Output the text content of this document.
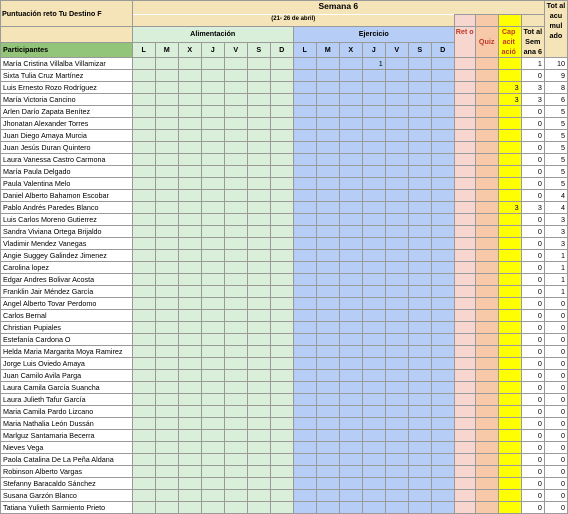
Puntuación reto Tu Destino F	Semana 6																		Tot al acu mul ado

	(21- 26 de abril)																		

	Alimentación							Ejercicio							Ret o	Quiz	Cap acit ació	Tot al Sem ana 6	
Participantes	L	M	X	J	V	S	D	L	M	X	J	V	S	D					
María Cristina Villalba Villamizar											1							1	10
Sixta Tulia Cruz Martínez																		0	9
Luis Ernesto Rozo Rodríguez																	3	3	8
María Victoria Cancino																	3	3	6
Arlen Darío Zapata Benítez																		0	5
Jhonatan Alexander Torres																		0	5
Juan Diego Amaya Murcia																		0	5
Juan Jesús Duran Quintero																		0	5
Laura Vanessa Castro Carmona																		0	5
María Paula Delgado																		0	5
Paula Valentina Melo																		0	5
Daniel Alberto Bahamon Escobar																		0	4
Pablo Andrés Paredes Blanco																	3	3	4
Luis Carlos Moreno Gutierrez																		0	3
Sandra Viviana Ortega Brijaldo																		0	3
Vladimir Mendez Vanegas																		0	3
Angie Suggey Galindez Jimenez																		0	1
Carolina lopez																		0	1
Edgar Andres Bolivar Acosta																		0	1
Franklin Jair Méndez García																		0	1
Angel Alberto Tovar Perdomo																		0	0
Carlos Bernal																		0	0
Christian Pupiales																		0	0
Estefanía Cardona O																		0	0
Helda Maria Margarita Moya Ramirez																		0	0
Jorge Luis Oviedo Amaya																		0	0
Juan Camilo Avila Parga																		0	0
Laura Camila García Suancha																		0	0
Laura Julieth Tafur García																		0	0
Maria Camila Pardo Lizcano																		0	0
Maria Nathalia León Dussán																		0	0
Marlguz Santamaria Becerra																		0	0
Nieves Vega																		0	0
Paola Catalina De La Peña Aldana																		0	0
Robinson Alberto Vargas																		0	0
Stefanny Baracaldo Sánchez																		0	0
Susana Garzón Blanco																		0	0
Tatiana Yulieth Sarmiento Prieto																		0	0
